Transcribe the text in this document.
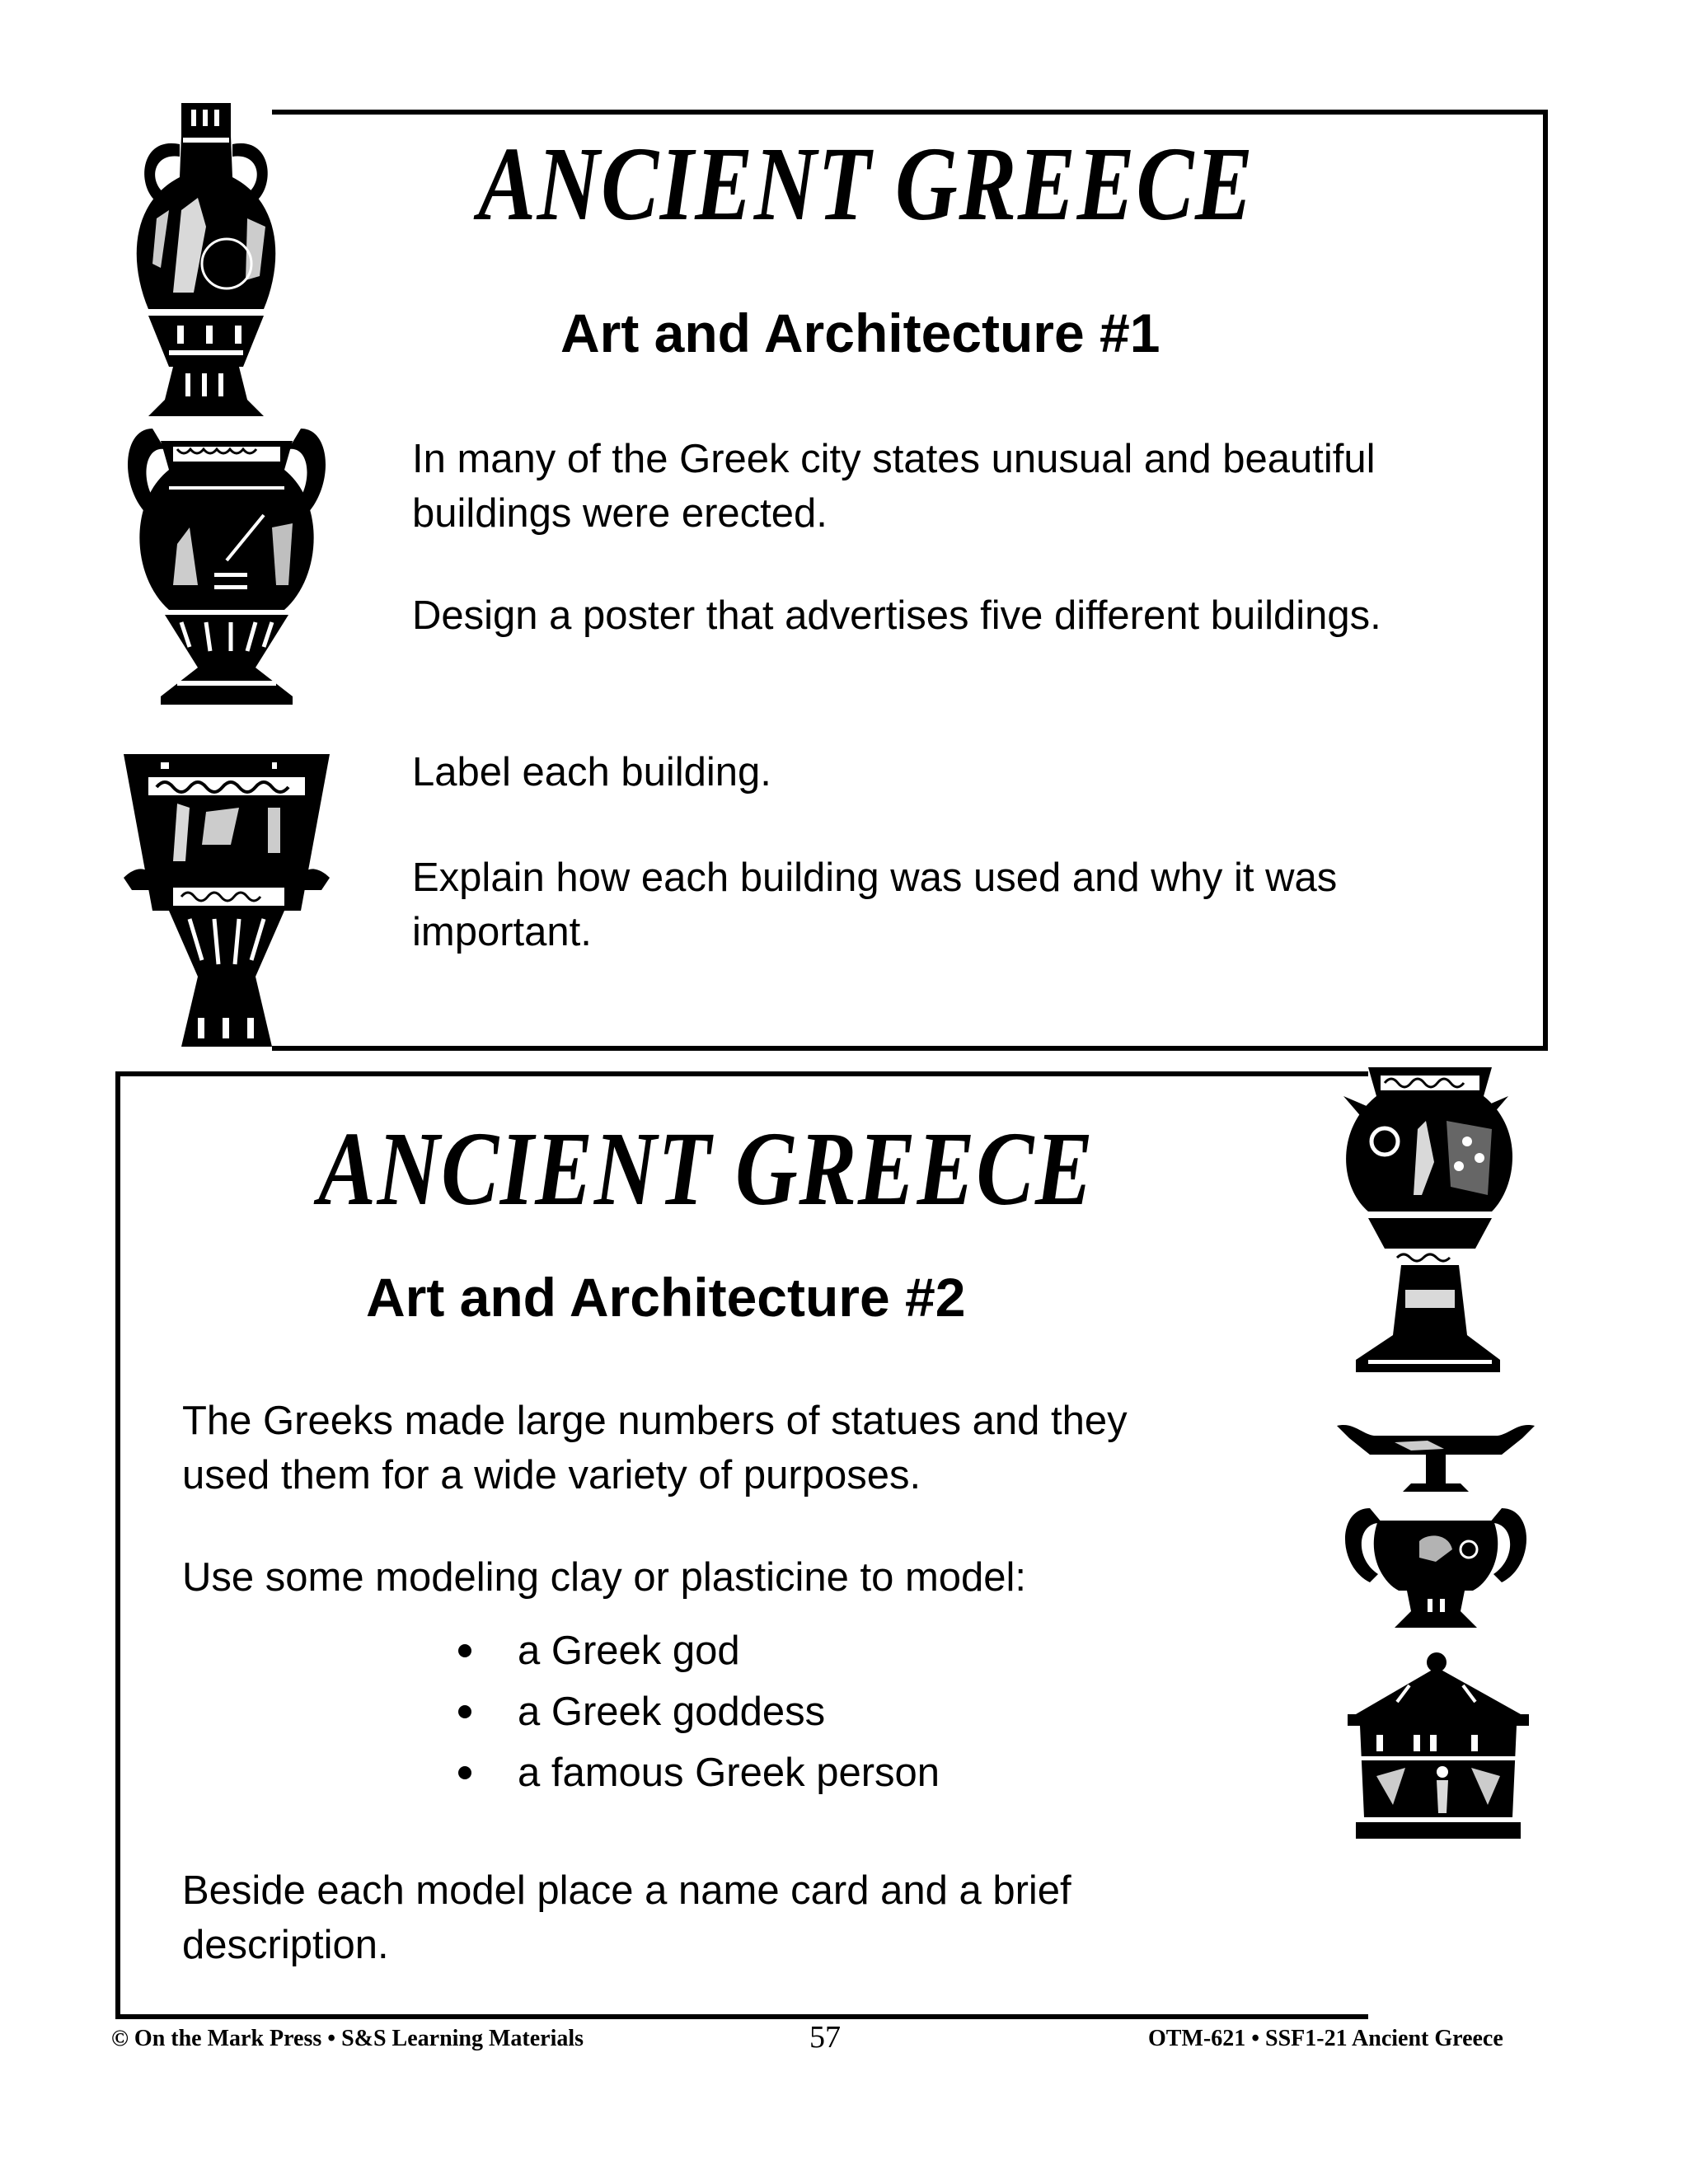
ANCIENT GREECE
Art and Architecture #1

In many of the Greek city states unusual and beautiful buildings were erected.

Design a poster that advertises five different buildings.

Label each building.

Explain how each building was used and why it was important.

ANCIENT GREECE
Art and Architecture #2

The Greeks made large numbers of statues and they used them for a wide variety of purposes.

Use some modeling clay or plasticine to model:

a Greek god
a Greek goddess
a famous Greek person

Beside each model place a name card and a brief description.

© On the Mark Press • S&S Learning Materials	57	OTM-621 • SSF1-21 Ancient Greece
